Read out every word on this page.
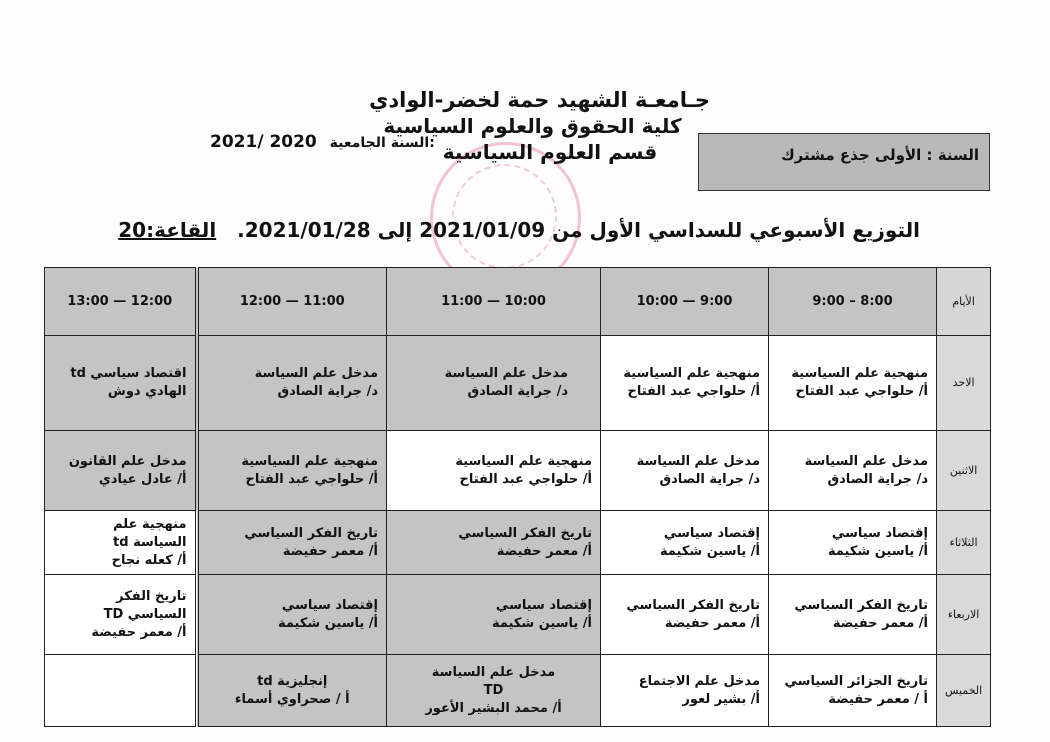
جـامعـة الشهيد حمة لخضر-الوادي
كلية الحقوق والعلوم السياسية
قسم العلوم السياسية
2021/ 2020 السنة الجامعية:
السنة : الأولى جذع مشترك
التوزيع الأسبوعي للسداسي الأول من 2021/01/09 إلى 2021/01/28. القاعة:20
الأيام	8:00 – 9:00	9:00 — 10:00	10:00 — 11:00	11:00 — 12:00	12:00 — 13:00
الاحد	منهجية علم السياسية
أ/ حلواجي عبد الفتاح	منهجية علم السياسية
أ/ حلواجي عبد الفتاح	مدخل علم السياسة
د/ جراية الصادق	مدخل علم السياسة
د/ جراية الصادق	اقتصاد سياسي td
الهادي دوش

الاثنين	مدخل علم السياسة
د/ جراية الصادق	مدخل علم السياسة
د/ جراية الصادق	منهجية علم السياسية
أ/ حلواجي عبد الفتاح	منهجية علم السياسية
أ/ حلواجي عبد الفتاح	مدخل علم القانون
أ/ عادل عيادي

الثلاثاء	إقتصاد سياسي
أ/ ياسين شكيمة	إقتصاد سياسي
أ/ ياسين شكيمة	تاريخ الفكر السياسي
أ/ معمر حفيضة	تاريخ الفكر السياسي
أ/ معمر حفيضة	منهجية علم
السياسة td
أ/ كعله نجاح

الاربعاء	تاريخ الفكر السياسي
أ/ معمر حفيضة	تاريخ الفكر السياسي
أ/ معمر حفيضة	إقتصاد سياسي
أ/ ياسين شكيمة	إقتصاد سياسي
أ/ ياسين شكيمة	تاريخ الفكر
السياسي TD
أ/ معمر حفيضة

الخميس	تاريخ الجزائر السياسي
أ / معمر حفيضة	مدخل علم الاجتماع
أ/ بشير لعور	مدخل علم السياسة
TD
أ/ محمد البشير الأعور	إنجليزية td
أ / صحراوي أسماء	
